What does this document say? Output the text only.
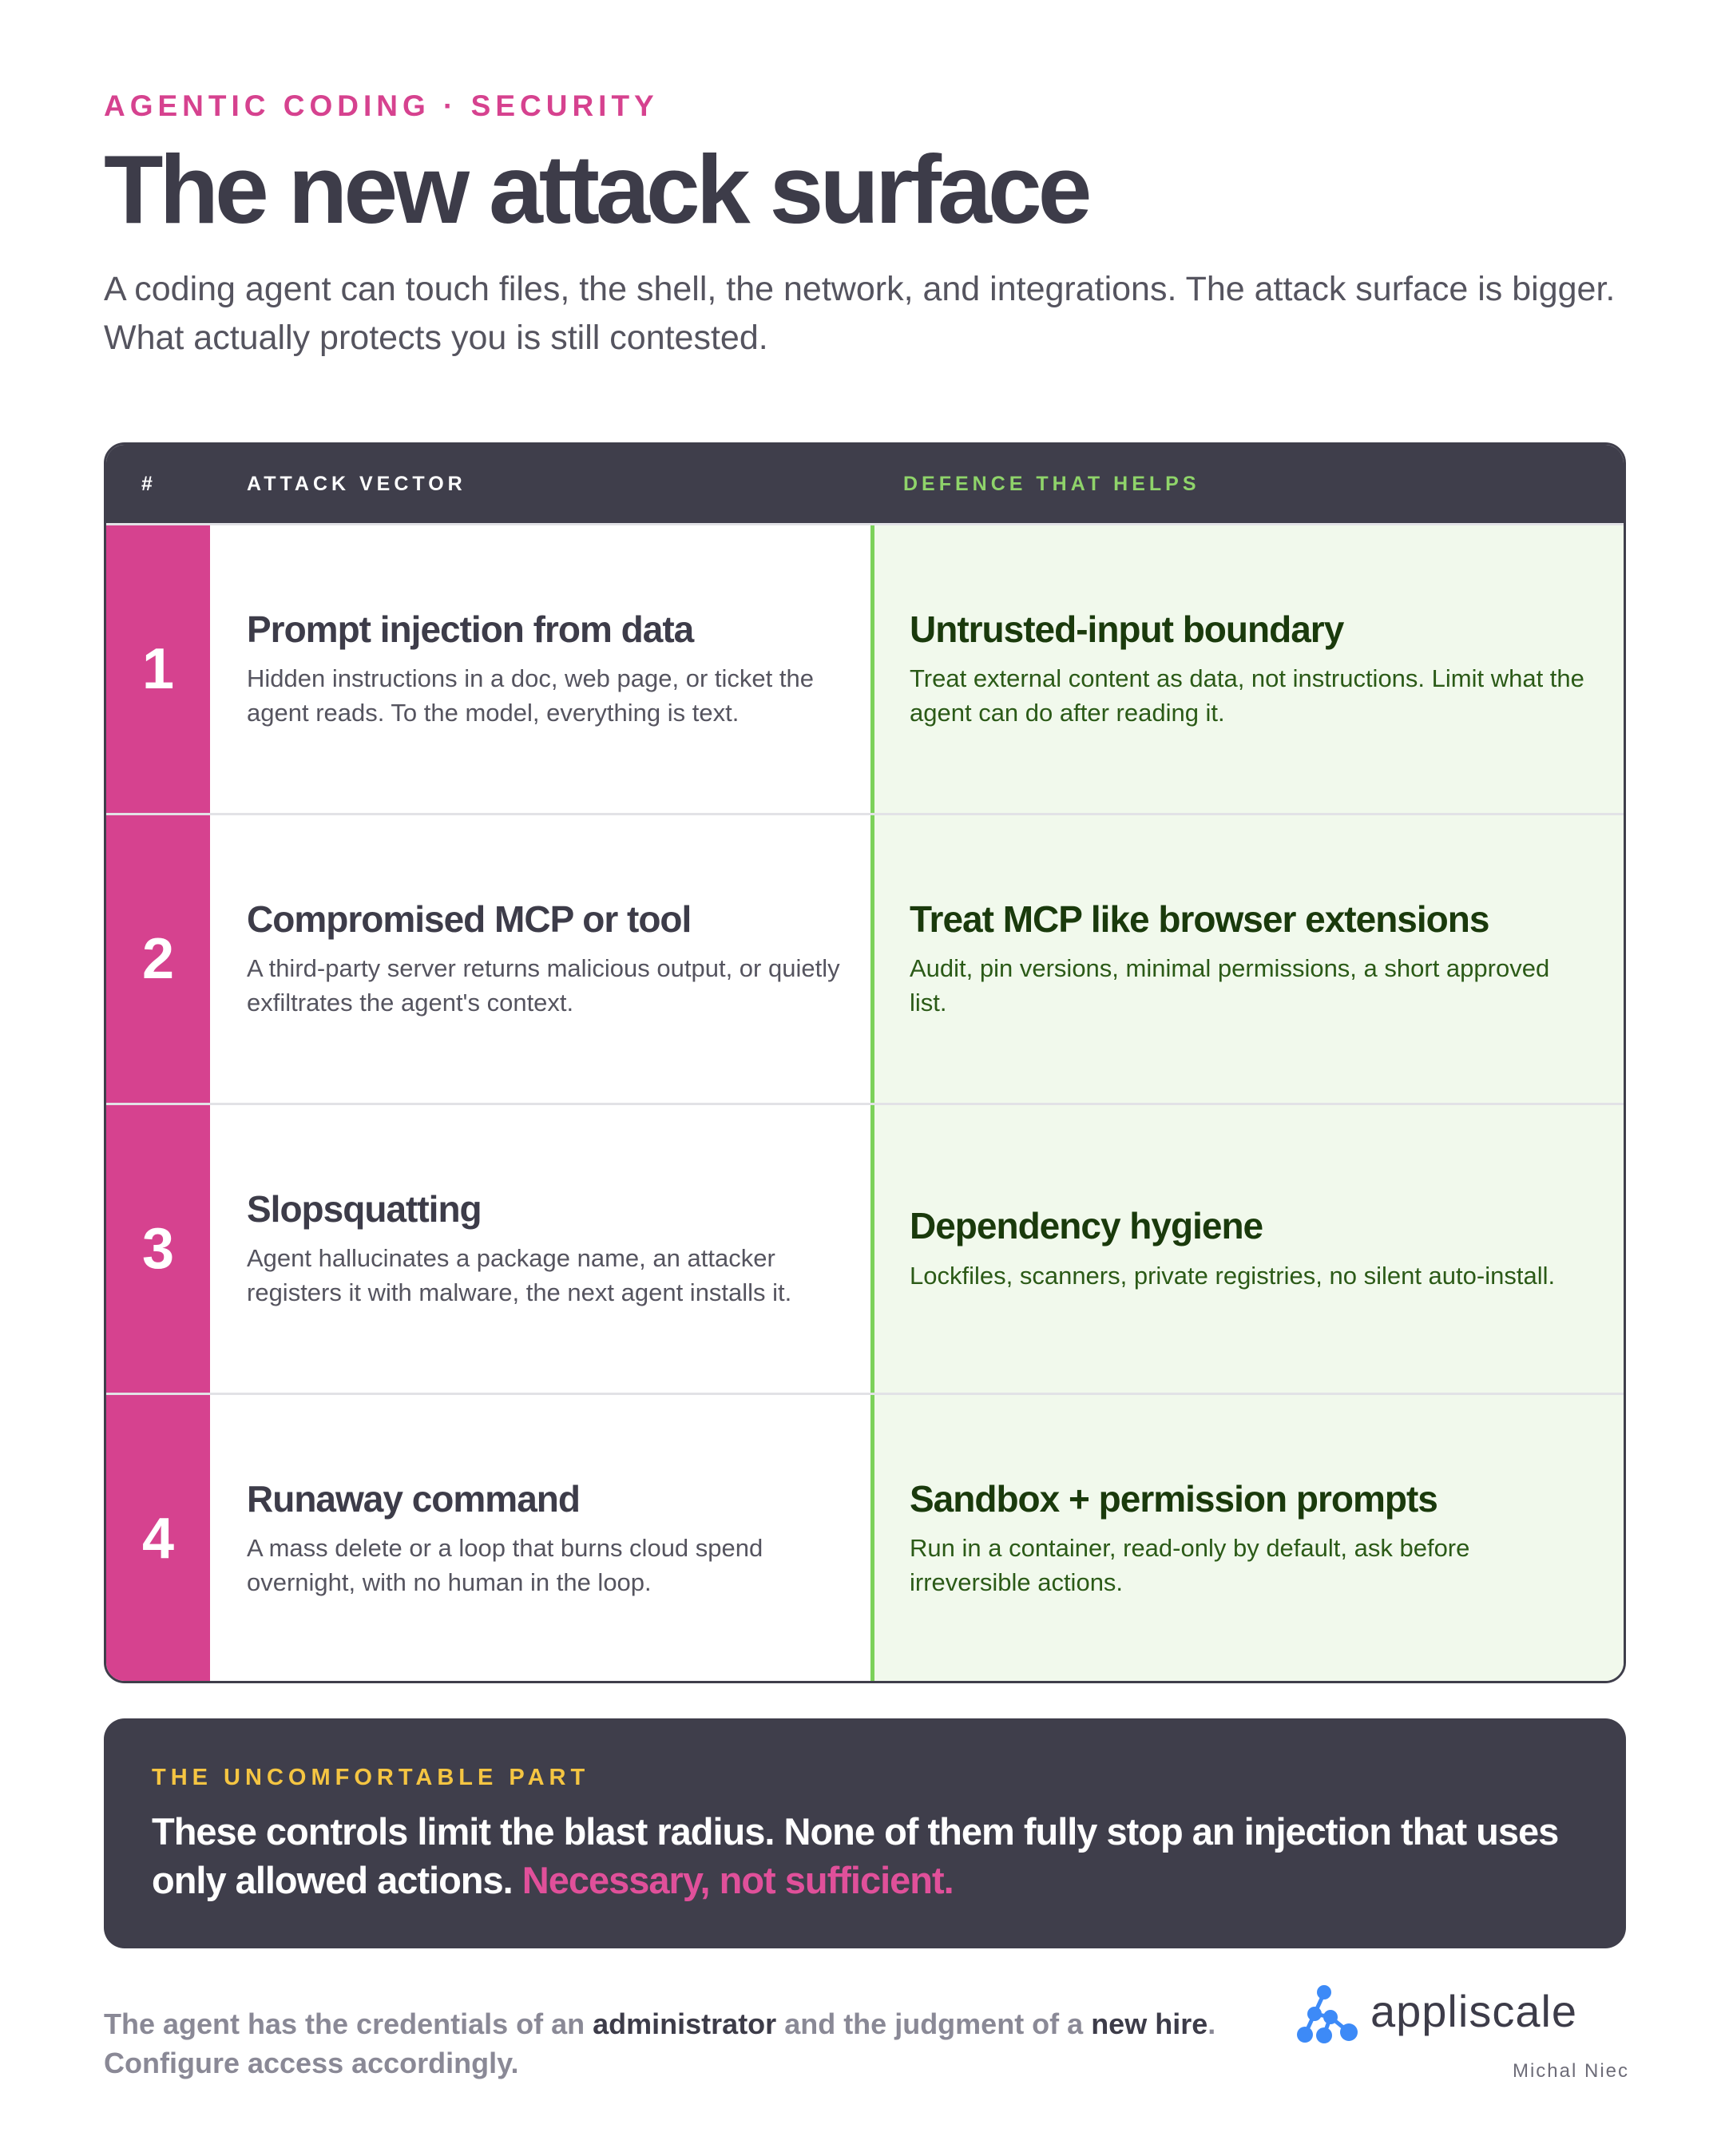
AGENTIC CODING · SECURITY
The new attack surface

A coding agent can touch files, the shell, the network, and integrations. The attack surface is bigger. What actually protects you is still contested.

#	ATTACK VECTOR	DEFENCE THAT HELPS
1
Prompt injection from data

Hidden instructions in a doc, web page, or ticket the agent reads. To the model, everything is text.

Untrusted-input boundary

Treat external content as data, not instructions. Limit what the agent can do after reading it.

2
Compromised MCP or tool

A third-party server returns malicious output, or quietly exfiltrates the agent's context.

Treat MCP like browser extensions

Audit, pin versions, minimal permissions, a short approved list.

3
Slopsquatting

Agent hallucinates a package name, an attacker registers it with malware, the next agent installs it.

Dependency hygiene

Lockfiles, scanners, private registries, no silent auto-install.

4
Runaway command

A mass delete or a loop that burns cloud spend overnight, with no human in the loop.

Sandbox + permission prompts

Run in a container, read-only by default, ask before irreversible actions.

THE UNCOMFORTABLE PART

These controls limit the blast radius. None of them fully stop an injection that uses only allowed actions. Necessary, not sufficient.

The agent has the credentials of an administrator and the judgment of a new hire.
Configure access accordingly.
appliscale
Michal Niec
